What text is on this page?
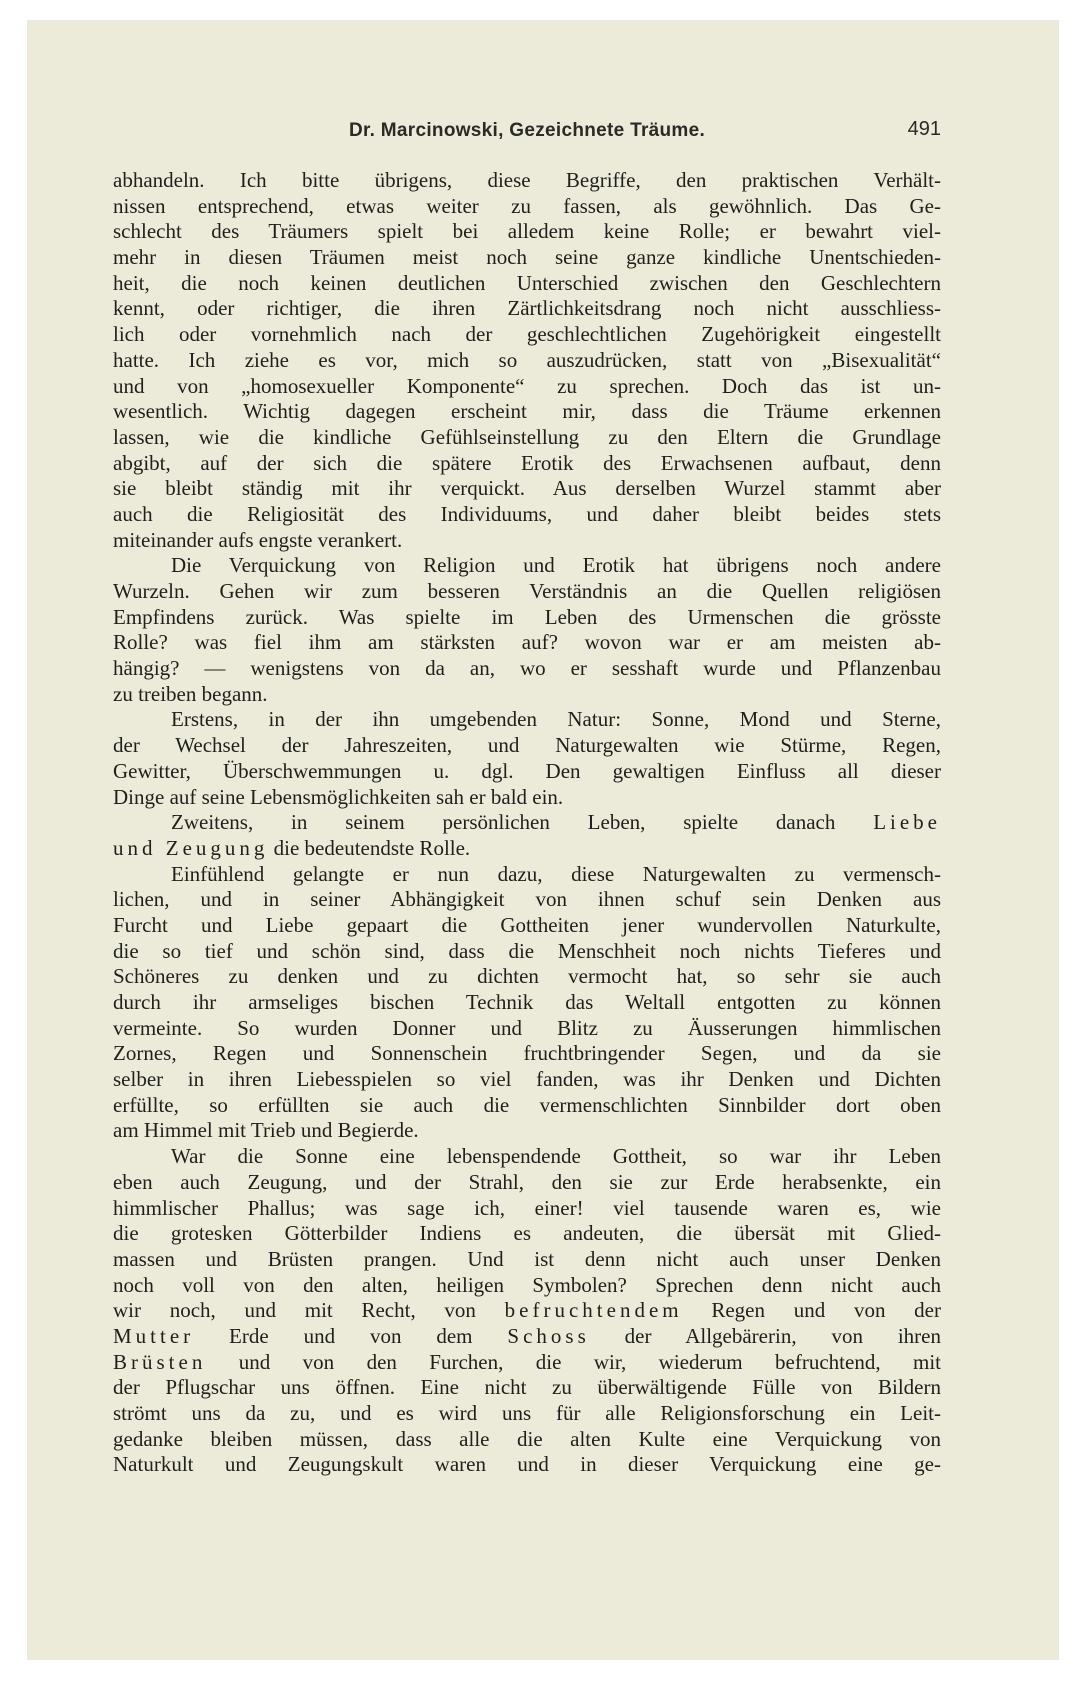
Dr. Marcinowski, Gezeichnete Träume.	491
abhandeln. Ich bitte übrigens, diese Begriffe, den praktischen Verhält-
nissen entsprechend, etwas weiter zu fassen, als gewöhnlich. Das Ge-
schlecht des Träumers spielt bei alledem keine Rolle; er bewahrt viel-
mehr in diesen Träumen meist noch seine ganze kindliche Unentschieden-
heit, die noch keinen deutlichen Unterschied zwischen den Geschlechtern
kennt, oder richtiger, die ihren Zärtlichkeitsdrang noch nicht ausschliess-
lich oder vornehmlich nach der geschlechtlichen Zugehörigkeit eingestellt
hatte. Ich ziehe es vor, mich so auszudrücken, statt von „Bisexualität“
und von „homosexueller Komponente“ zu sprechen. Doch das ist un-
wesentlich. Wichtig dagegen erscheint mir, dass die Träume erkennen
lassen, wie die kindliche Gefühlseinstellung zu den Eltern die Grundlage
abgibt, auf der sich die spätere Erotik des Erwachsenen aufbaut, denn
sie bleibt ständig mit ihr verquickt. Aus derselben Wurzel stammt aber
auch die Religiosität des Individuums, und daher bleibt beides stets
miteinander aufs engste verankert.
Die Verquickung von Religion und Erotik hat übrigens noch andere
Wurzeln. Gehen wir zum besseren Verständnis an die Quellen religiösen
Empfindens zurück. Was spielte im Leben des Urmenschen die grösste
Rolle? was fiel ihm am stärksten auf? wovon war er am meisten ab-
hängig? — wenigstens von da an, wo er sesshaft wurde und Pflanzenbau
zu treiben begann.
Erstens, in der ihn umgebenden Natur: Sonne, Mond und Sterne,
der Wechsel der Jahreszeiten, und Naturgewalten wie Stürme, Regen,
Gewitter, Überschwemmungen u. dgl. Den gewaltigen Einfluss all dieser
Dinge auf seine Lebensmöglichkeiten sah er bald ein.
Zweitens, in seinem persönlichen Leben, spielte danach Liebe
und Zeugung die bedeutendste Rolle.
Einfühlend gelangte er nun dazu, diese Naturgewalten zu vermensch-
lichen, und in seiner Abhängigkeit von ihnen schuf sein Denken aus
Furcht und Liebe gepaart die Gottheiten jener wundervollen Naturkulte,
die so tief und schön sind, dass die Menschheit noch nichts Tieferes und
Schöneres zu denken und zu dichten vermocht hat, so sehr sie auch
durch ihr armseliges bischen Technik das Weltall entgotten zu können
vermeinte. So wurden Donner und Blitz zu Äusserungen himmlischen
Zornes, Regen und Sonnenschein fruchtbringender Segen, und da sie
selber in ihren Liebesspielen so viel fanden, was ihr Denken und Dichten
erfüllte, so erfüllten sie auch die vermenschlichten Sinnbilder dort oben
am Himmel mit Trieb und Begierde.
War die Sonne eine lebenspendende Gottheit, so war ihr Leben
eben auch Zeugung, und der Strahl, den sie zur Erde herabsenkte, ein
himmlischer Phallus; was sage ich, einer! viel tausende waren es, wie
die grotesken Götterbilder Indiens es andeuten, die übersät mit Glied-
massen und Brüsten prangen. Und ist denn nicht auch unser Denken
noch voll von den alten, heiligen Symbolen? Sprechen denn nicht auch
wir noch, und mit Recht, von befruchtendem Regen und von der
Mutter Erde und von dem Schoss der Allgebärerin, von ihren
Brüsten und von den Furchen, die wir, wiederum befruchtend, mit
der Pflugschar uns öffnen. Eine nicht zu überwältigende Fülle von Bildern
strömt uns da zu, und es wird uns für alle Religionsforschung ein Leit-
gedanke bleiben müssen, dass alle die alten Kulte eine Verquickung von
Naturkult und Zeugungskult waren und in dieser Verquickung eine ge-
